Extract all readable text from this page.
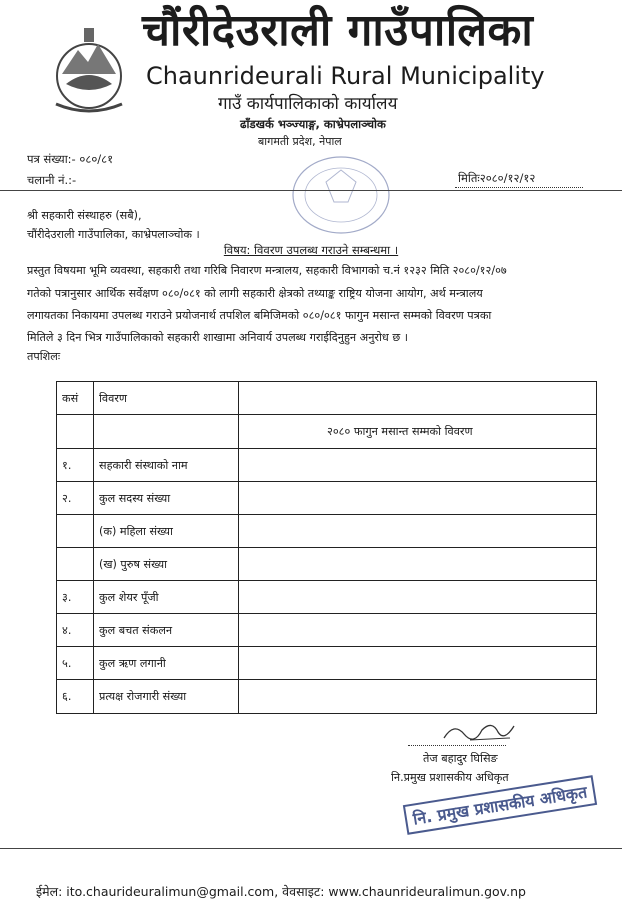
चौंरीदेउराली गाउँपालिका
Chaunrideurali Rural Municipality
गाउँ कार्यपालिकाको कार्यालय
ढाँडखर्क भञ्ज्याङ्ग, काभ्रेपलाञ्चोक
बागमती प्रदेश, नेपाल
पत्र संख्या:- ०८०/८१
चलानी नं.:-	मितिः२०८०/१२/१२
श्री सहकारी संस्थाहरु (सबै),
चौंरीदेउराली गाउँपालिका, काभ्रेपलाञ्चोक ।
विषय: विवरण उपलब्ध गराउने सम्बन्धमा ।
प्रस्तुत विषयमा भूमि व्यवस्था, सहकारी तथा गरिबि निवारण मन्त्रालय, सहकारी विभागको च.नं १२३२ मिति २०८०/१२/०७
गतेको पत्रानुसार आर्थिक सर्वेक्षण ०८०/०८१ को लागी सहकारी क्षेत्रको तथ्याङ्क राष्ट्रिय योजना आयोग, अर्थ मन्त्रालय
लगायतका निकायमा उपलब्ध गराउने प्रयोजनार्थ तपशिल बमिजिमको ०८०/०८१ फागुन मसान्त सम्मको विवरण पत्रका
मितिले ३ दिन भित्र गाउँपालिकाको सहकारी शाखामा अनिवार्य उपलब्ध गराईदिनुहुन अनुरोध छ ।
तपशिलः
कसं	विवरण	
		२०८० फागुन मसान्त सम्मको विवरण
१.	सहकारी संस्थाको नाम	
२.	कुल सदस्य संख्या	
	(क) महिला संख्या	
	(ख) पुरुष संख्या	
३.	कुल शेयर पूँजी	
४.	कुल बचत संकलन	
५.	कुल ऋण लगानी	
६.	प्रत्यक्ष रोजगारी संख्या	
तेज बहादुर घिसिङ
नि.प्रमुख प्रशासकीय अधिकृत
नि. प्रमुख प्रशासकीय अधिकृत
ईमेल: ito.chaurideuralimun@gmail.com, वेवसाइट: www.chaunrideuralimun.gov.np
